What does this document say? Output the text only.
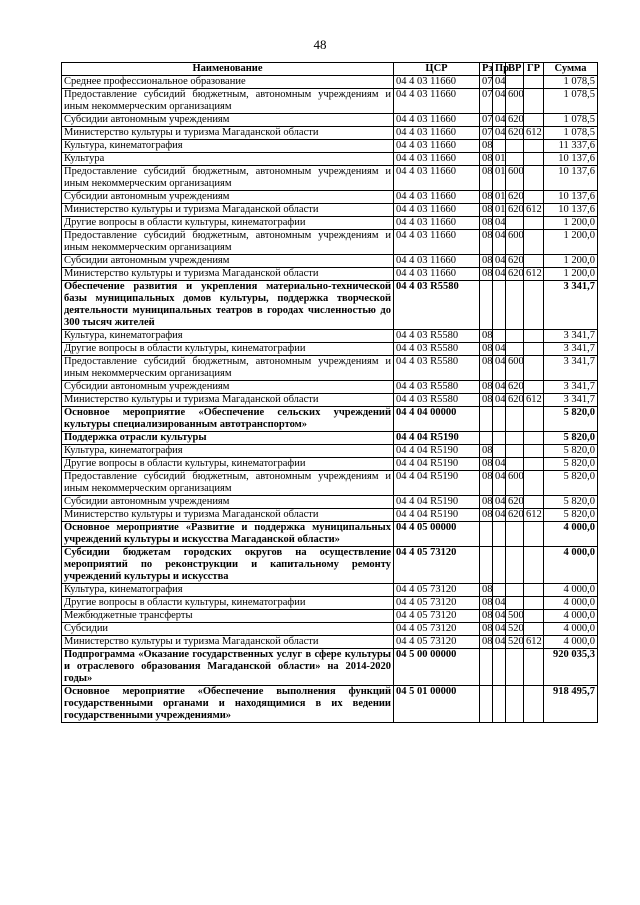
48
Наименование	ЦСР	Рз	Пр	ВР	ГР	Сумма
Среднее профессиональное образование	04 4 03 11660	07	04			1 078,5
Предоставление субсидий бюджетным, автономным учреждениям и иным некоммерческим организациям	04 4 03 11660	07	04	600		1 078,5
Субсидии автономным учреждениям	04 4 03 11660	07	04	620		1 078,5
Министерство культуры и туризма Магаданской области	04 4 03 11660	07	04	620	612	1 078,5
Культура, кинематография	04 4 03 11660	08				11 337,6
Культура	04 4 03 11660	08	01			10 137,6
Предоставление субсидий бюджетным, автономным учреждениям и иным некоммерческим организациям	04 4 03 11660	08	01	600		10 137,6
Субсидии автономным учреждениям	04 4 03 11660	08	01	620		10 137,6
Министерство культуры и туризма Магаданской области	04 4 03 11660	08	01	620	612	10 137,6
Другие вопросы в области культуры, кинематографии	04 4 03 11660	08	04			1 200,0
Предоставление субсидий бюджетным, автономным учреждениям и иным некоммерческим организациям	04 4 03 11660	08	04	600		1 200,0
Субсидии автономным учреждениям	04 4 03 11660	08	04	620		1 200,0
Министерство культуры и туризма Магаданской области	04 4 03 11660	08	04	620	612	1 200,0
Обеспечение развития и укрепления материально-технической базы муниципальных домов культуры, поддержка творческой деятельности муниципальных театров в городах численностью до 300 тысяч жителей	04 4 03 R5580					3 341,7
Культура, кинематография	04 4 03 R5580	08				3 341,7
Другие вопросы в области культуры, кинематографии	04 4 03 R5580	08	04			3 341,7
Предоставление субсидий бюджетным, автономным учреждениям и иным некоммерческим организациям	04 4 03 R5580	08	04	600		3 341,7
Субсидии автономным учреждениям	04 4 03 R5580	08	04	620		3 341,7
Министерство культуры и туризма Магаданской области	04 4 03 R5580	08	04	620	612	3 341,7
Основное мероприятие «Обеспечение сельских учреждений культуры специализированным автотранспортом»	04 4 04 00000					5 820,0
Поддержка отрасли культуры	04 4 04 R5190					5 820,0
Культура, кинематография	04 4 04 R5190	08				5 820,0
Другие вопросы в области культуры, кинематографии	04 4 04 R5190	08	04			5 820,0
Предоставление субсидий бюджетным, автономным учреждениям и иным некоммерческим организациям	04 4 04 R5190	08	04	600		5 820,0
Субсидии автономным учреждениям	04 4 04 R5190	08	04	620		5 820,0
Министерство культуры и туризма Магаданской области	04 4 04 R5190	08	04	620	612	5 820,0
Основное мероприятие «Развитие и поддержка муниципальных учреждений культуры и искусства Магаданской области»	04 4 05 00000					4 000,0
Субсидии бюджетам городских округов на осуществление мероприятий по реконструкции и капитальному ремонту учреждений культуры и искусства	04 4 05 73120					4 000,0
Культура, кинематография	04 4 05 73120	08				4 000,0
Другие вопросы в области культуры, кинематографии	04 4 05 73120	08	04			4 000,0
Межбюджетные трансферты	04 4 05 73120	08	04	500		4 000,0
Субсидии	04 4 05 73120	08	04	520		4 000,0
Министерство культуры и туризма Магаданской области	04 4 05 73120	08	04	520	612	4 000,0
Подпрограмма «Оказание государственных услуг в сфере культуры и отраслевого образования Магаданской области» на 2014-2020 годы»	04 5 00 00000					920 035,3
Основное мероприятие «Обеспечение выполнения функций государственными органами и находящимися в их ведении государственными учреждениями»	04 5 01 00000					918 495,7
